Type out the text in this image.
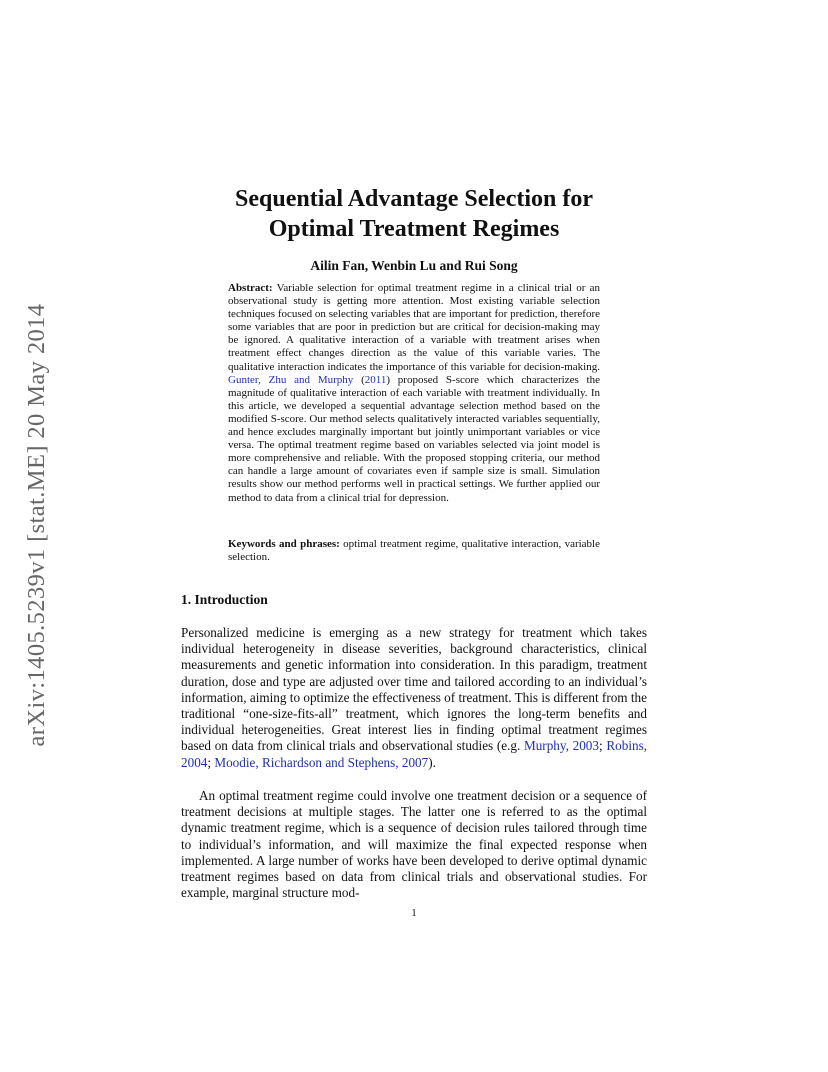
arXiv:1405.5239v1 [stat.ME] 20 May 2014
Sequential Advantage Selection for
Optimal Treatment Regimes

Ailin Fan, Wenbin Lu and Rui Song

Abstract: Variable selection for optimal treatment regime in a clinical trial or an observational study is getting more attention. Most existing variable selection techniques focused on selecting variables that are important for prediction, therefore some variables that are poor in prediction but are critical for decision-making may be ignored. A qualitative interaction of a variable with treatment arises when treatment effect changes direction as the value of this variable varies. The qualitative interaction indicates the importance of this variable for decision-making. Gunter, Zhu and Murphy (2011) proposed S-score which characterizes the magnitude of qualitative interaction of each variable with treatment individually. In this article, we developed a sequential advantage selection method based on the modified S-score. Our method selects qualitatively interacted variables sequentially, and hence excludes marginally important but jointly unimportant variables or vice versa. The optimal treatment regime based on variables selected via joint model is more comprehensive and reliable. With the proposed stopping criteria, our method can handle a large amount of covariates even if sample size is small. Simulation results show our method performs well in practical settings. We further applied our method to data from a clinical trial for depression.

Keywords and phrases: optimal treatment regime, qualitative interaction, variable selection.

1. Introduction

Personalized medicine is emerging as a new strategy for treatment which takes individual heterogeneity in disease severities, background characteristics, clinical measurements and genetic information into consideration. In this paradigm, treatment duration, dose and type are adjusted over time and tailored according to an individual’s information, aiming to optimize the effectiveness of treatment. This is different from the traditional “one-size-fits-all” treatment, which ignores the long-term benefits and individual heterogeneities. Great interest lies in finding optimal treatment regimes based on data from clinical trials and observational studies (e.g. Murphy, 2003; Robins, 2004; Moodie, Richardson and Stephens, 2007).

An optimal treatment regime could involve one treatment decision or a sequence of treatment decisions at multiple stages. The latter one is referred to as the optimal dynamic treatment regime, which is a sequence of decision rules tailored through time to individual’s information, and will maximize the final expected response when implemented. A large number of works have been developed to derive optimal dynamic treatment regimes based on data from clinical trials and observational studies. For example, marginal structure mod-

1
